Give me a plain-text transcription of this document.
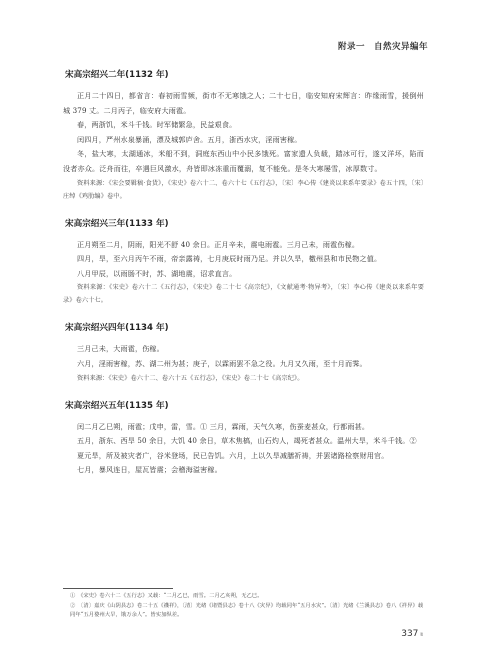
附录一　自然灾异编年
宋高宗绍兴二年(1132 年)

正月二十四日，都省言：春初雨雪频，街市不无寒饿之人；二十七日，临安知府宋辉言：昨缘雨雪，援倒州城 379 丈。二月丙子，临安府大雨雹。

春，两浙饥，米斗千钱。时军储繁急，民益艰食。

闰四月，严州水泉暴涌，漂及城郭庐舍。五月，浙西水灾，淫雨害稼。

冬，盐大寒，太湖通冰，米船不到，洞庭东西山中小民多饿死。富家遗人负载，踏冰可行，遂又洋坏，陷而没者亦众。泛舟而往，卒遇巨风激水，舟皆即冰冻重而覆溺，复不能免。是冬大寒屡雪，冰厚数寸。

资料来源：《宋会要辑稿·食货》，《宋史》卷六十二、卷六十七《五行志》，〔宋〕李心传《建炎以来系年要录》卷五十四，〔宋〕庄绰《鸡肋编》卷中。

宋高宗绍兴三年(1133 年)

正月朔至二月，阴雨，阳光不舒 40 余日。正月辛未，震电雨雹。三月己未，雨雹伤稼。

四月，旱，至六月丙午不雨，帝亲露祷，七月庚辰时雨乃足。并以久旱，檄州县和市民物之值。

八月甲辰，以雨肠不时，苏、湖地震，诏求直言。

资料来源：《宋史》卷六十二《五行志》，《宋史》卷二十七《高宗纪》，《文献通考·物异考》，〔宋〕李心传《建炎以来系年要录》卷六十七。

宋高宗绍兴四年(1134 年)

三月己未，大雨雹，伤稼。

六月，淫雨害稼，苏、湖二州为甚；庚子，以霖雨罢不急之役。九月又久雨，至十月而霁。

资料来源：《宋史》卷六十二、卷六十五《五行志》，《宋史》卷二十七《高宗纪》。

宋高宗绍兴五年(1135 年)

闰二月乙巳朔，雨雹；戊申，雷，雪。① 三月，霖雨，天气久寒，伤蚕麦甚众，行都雨甚。

五月，浙东、西旱 50 余日，大饥 40 余日，草木焦槁，山石灼人，竭死者甚众。温州大旱，米斗千钱。②

夏元旱，所及被灾者广，谷米登场，民已告饥。六月，上以久旱减膳祈祷，并罢诸路检察财用官。

七月，暴风连日，屋瓦皆震；会稽海溢害稼。

①　《宋史》卷六十二《五行志》又载：“二月乙巳，雨雪。二月乙亥朔，无乙巳。

②　〔清〕嘉庆《山阴县志》卷二十五《禨祥》，〔清〕光绪《诸暨县志》卷十八《灾异》均载同年“五月水灾”。〔清〕光绪《兰溪县志》卷八《祥异》载同年“五月婺州大旱，饿万余人”。皆实加纵差。

337 ʬ
